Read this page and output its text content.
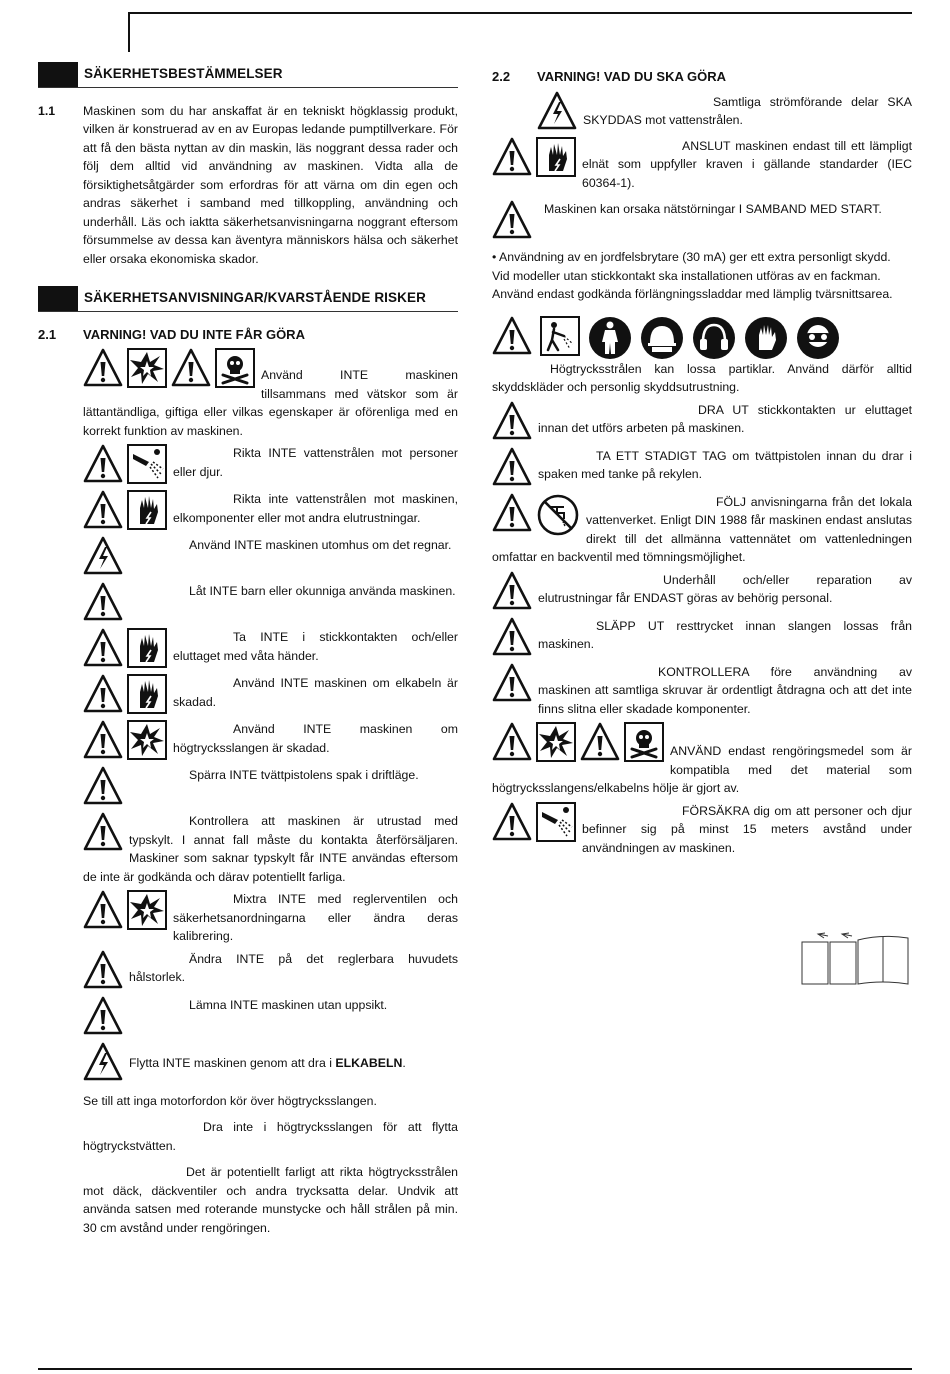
SÄKERHETSBESTÄMMELSER
1.1	Maskinen som du har anskaffat är en tekniskt högklassig produkt, vilken är konstruerad av en av Europas ledande pumptillverkare. För att få den bästa nyttan av din maskin, läs noggrant dessa rader och följ dem alltid vid användning av maskinen. Vidta alla de försiktighetsåtgärder som erfordras för att värna om din egen och andras säkerhet i samband med tillkoppling, användning och underhåll. Läs och iaktta säkerhetsanvisningarna noggrant eftersom försummelse av dessa kan äventyra människors hälsa och säkerhet eller orsaka ekonomiska skador.
SÄKERHETSANVISNINGAR/KVARSTÅENDE RISKER
2.1	VARNING! VAD DU INTE FÅR GÖRA
Använd INTE maskinen tillsammans med vätskor som är lättantändliga, giftiga eller vilkas egenskaper är oförenliga med en korrekt funktion av maskinen.
Rikta INTE vattenstrålen mot personer eller djur.
Rikta inte vattenstrålen mot maskinen, elkomponenter eller mot andra elutrustningar.
Använd INTE maskinen utomhus om det regnar.
Låt INTE barn eller okunniga använda maskinen.
Ta INTE i stickkontakten och/eller eluttaget med våta händer.
Använd INTE maskinen om elkabeln är skadad.
Använd INTE maskinen om högtrycksslangen är skadad.
Spärra INTE tvättpistolens spak i driftläge.
Kontrollera att maskinen är utrustad med typskylt. I annat fall måste du kontakta återförsäljaren. Maskiner som saknar typskylt får INTE användas eftersom de inte är godkända och därav potentiellt farliga.
Mixtra INTE med reglerventilen och säkerhetsanordningarna eller ändra deras kalibrering.
Ändra INTE på det reglerbara huvudets hålstorlek.
Lämna INTE maskinen utan uppsikt.
Flytta INTE maskinen genom att dra i ELKABELN.
Se till att inga motorfordon kör över högtrycksslangen.
Dra inte i högtrycksslangen för att flytta högtryckstvätten.
Det är potentiellt farligt att rikta högtrycksstrålen mot däck, däckventiler och andra trycksatta delar. Undvik att använda satsen med roterande munstycke och håll strålen på min. 30 cm avstånd under rengöringen.
2.2	VARNING! VAD DU SKA GÖRA
Samtliga strömförande delar SKA SKYDDAS mot vattenstrålen.
ANSLUT maskinen endast till ett lämpligt elnät som uppfyller kraven i gällande standarder (IEC 60364-1).
Maskinen kan orsaka nätstörningar I SAMBAND MED START.
• Användning av en jordfelsbrytare (30 mA) ger ett extra personligt skydd.
Vid modeller utan stickkontakt ska installationen utföras av en fackman.
Använd endast godkända förlängningssladdar med lämplig tvärsnittsarea.
Högtrycksstrålen kan lossa partiklar. Använd därför alltid skyddskläder och personlig skyddsutrustning.
DRA UT stickkontakten ur eluttaget innan det utförs arbeten på maskinen.
TA ETT STADIGT TAG om tvättpistolen innan du drar i spaken med tanke på rekylen.
FÖLJ anvisningarna från det lokala vattenverket. Enligt DIN 1988 får maskinen endast anslutas direkt till det allmänna vattennätet om vattenledningen omfattar en backventil med tömningsmöjlighet.
Underhåll och/eller reparation av elutrustningar får ENDAST göras av behörig personal.
SLÄPP UT resttrycket innan slangen lossas från maskinen.
KONTROLLERA före användning av maskinen att samtliga skruvar är ordentligt åtdragna och att det inte finns slitna eller skadade komponenter.
ANVÄND endast rengöringsmedel som är kompatibla med det material som högtrycksslangens/elkabelns hölje är gjort av.
FÖRSÄKRA dig om att personer och djur befinner sig på minst 15 meters avstånd under användningen av maskinen.
